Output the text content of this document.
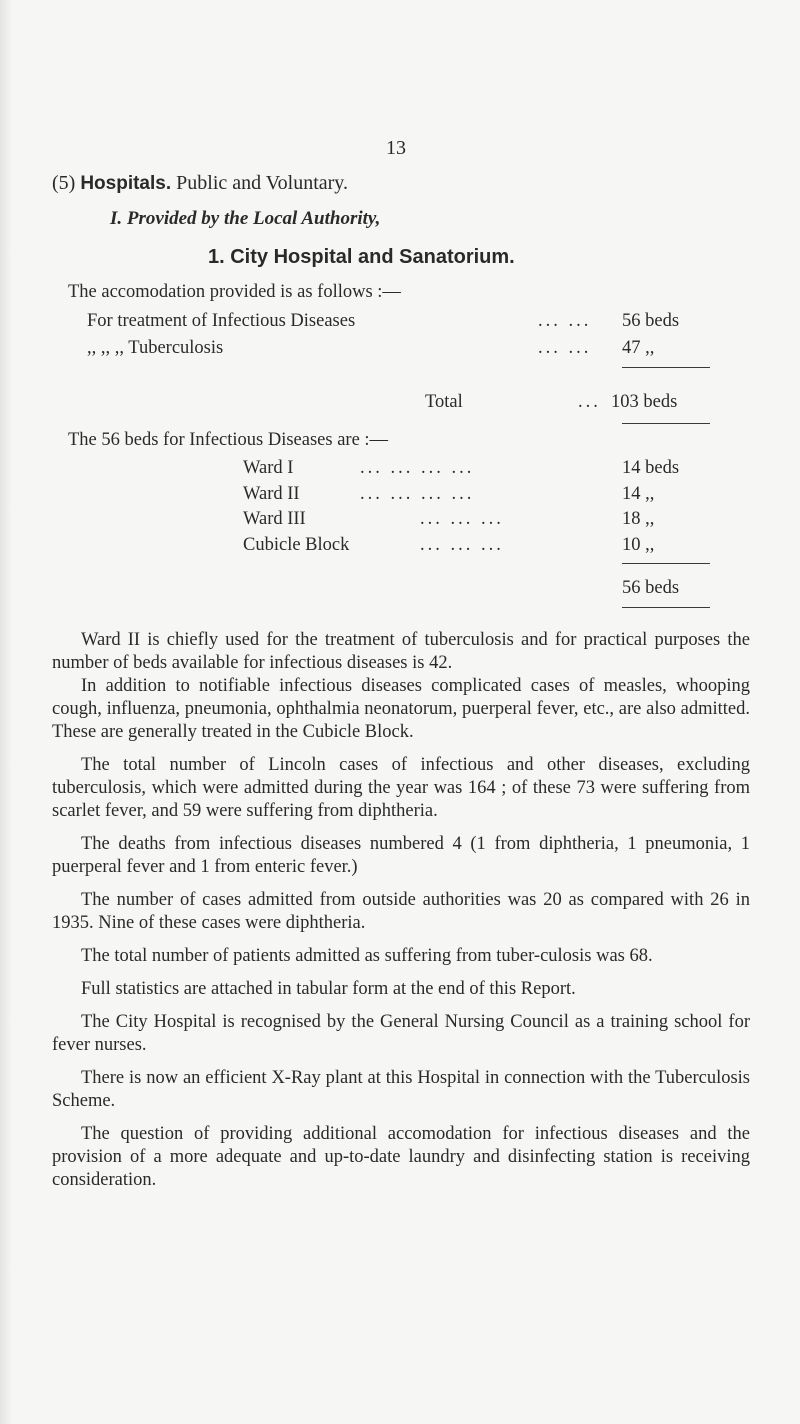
13
(5) Hospitals. Public and Voluntary.
I. Provided by the Local Authority,
1. City Hospital and Sanatorium.
The accomodation provided is as follows :—
For treatment of Infectious Diseases	... ... 56 beds
,, ,, ,, Tuberculosis	... ... 47 ,,
Total	... 103 beds
The 56 beds for Infectious Diseases are :—
Ward I	... ... ... ...	14 beds
Ward II	... ... ... ...	14 ,,
Ward III	... ... ...	18 ,,
Cubicle Block	... ... ...	10 ,,
56 beds

Ward II is chiefly used for the treatment of tuberculosis and for practical purposes the number of beds available for infectious diseases is 42.

In addition to notifiable infectious diseases complicated cases of measles, whooping cough, influenza, pneumonia, ophthalmia neonatorum, puerperal fever, etc., are also admitted. These are generally treated in the Cubicle Block.

The total number of Lincoln cases of infectious and other diseases, excluding tuberculosis, which were admitted during the year was 164 ; of these 73 were suffering from scarlet fever, and 59 were suffering from diphtheria.

The deaths from infectious diseases numbered 4 (1 from diphtheria, 1 pneumonia, 1 puerperal fever and 1 from enteric fever.)

The number of cases admitted from outside authorities was 20 as compared with 26 in 1935. Nine of these cases were diphtheria.

The total number of patients admitted as suffering from tuber-culosis was 68.

Full statistics are attached in tabular form at the end of this Report.

The City Hospital is recognised by the General Nursing Council as a training school for fever nurses.

There is now an efficient X-Ray plant at this Hospital in connection with the Tuberculosis Scheme.

The question of providing additional accomodation for infectious diseases and the provision of a more adequate and up-to-date laundry and disinfecting station is receiving consideration.
